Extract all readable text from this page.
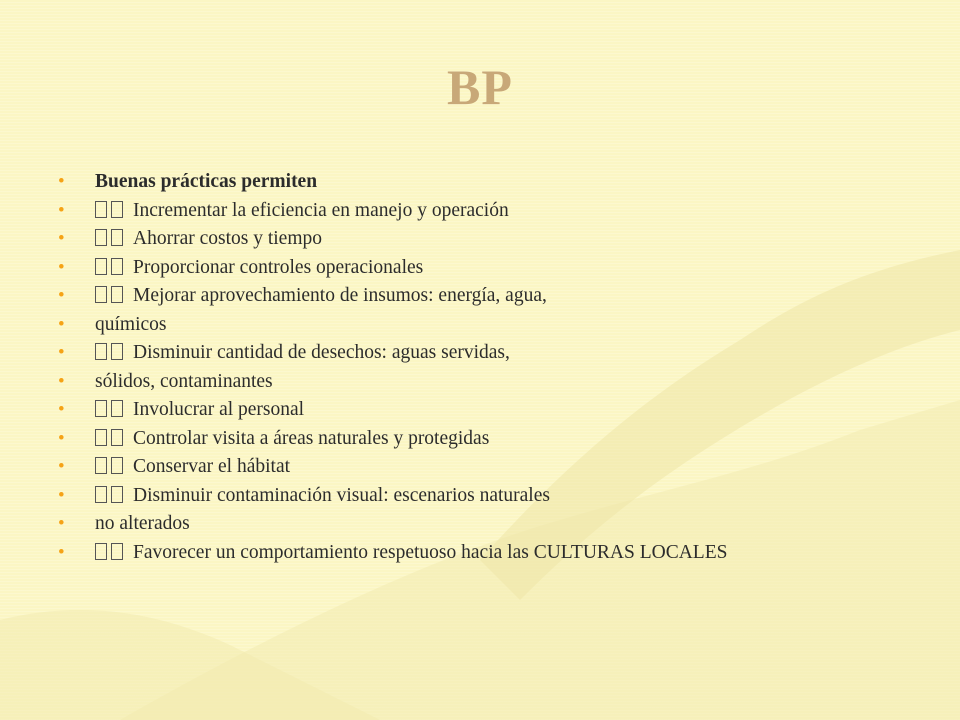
BP
• Buenas prácticas permiten
•	Incrementar la eficiencia en manejo y operación
•	Ahorrar costos y tiempo
•	Proporcionar controles operacionales
•	Mejorar aprovechamiento de insumos: energía, agua,
• químicos
•	Disminuir cantidad de desechos: aguas servidas,
• sólidos, contaminantes
•	Involucrar al personal
•	Controlar visita a áreas naturales y protegidas
•	Conservar el hábitat
•	Disminuir contaminación visual: escenarios naturales
• no alterados
•	Favorecer un comportamiento respetuoso hacia las CULTURAS LOCALES
